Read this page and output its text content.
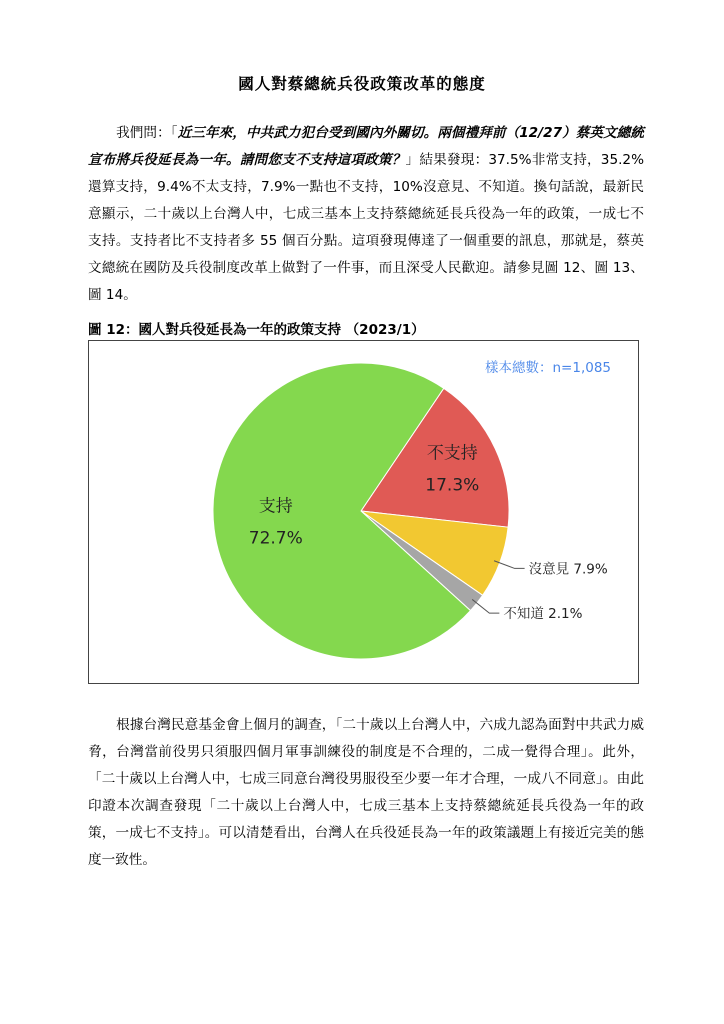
國人對蔡總統兵役政策改革的態度

我們問：「近三年來，中共武力犯台受到國內外關切。兩個禮拜前（12/27）蔡英文總統宣布將兵役延長為一年。請問您支不支持這項政策？」結果發現：37.5%非常支持，35.2%還算支持，9.4%不太支持，7.9%一點也不支持，10%沒意見、不知道。換句話說，最新民意顯示，二十歲以上台灣人中，七成三基本上支持蔡總統延長兵役為一年的政策，一成七不支持。支持者比不支持者多 55 個百分點。這項發現傳達了一個重要的訊息，那就是，蔡英文總統在國防及兵役制度改革上做對了一件事，而且深受人民歡迎。請參見圖 12、圖 13、圖 14。

圖 12：國人對兵役延長為一年的政策支持 （2023/1）
不支持
17.3%
沒意見 7.9%
不知道 2.1%
支持
72.7%
樣本總數：n=1,085

根據台灣民意基金會上個月的調查，「二十歲以上台灣人中，六成九認為面對中共武力威脅，台灣當前役男只須服四個月軍事訓練役的制度是不合理的，二成一覺得合理」。此外，「二十歲以上台灣人中，七成三同意台灣役男服役至少要一年才合理，一成八不同意」。由此印證本次調查發現「二十歲以上台灣人中，七成三基本上支持蔡總統延長兵役為一年的政策，一成七不支持」。可以清楚看出，台灣人在兵役延長為一年的政策議題上有接近完美的態度一致性。
